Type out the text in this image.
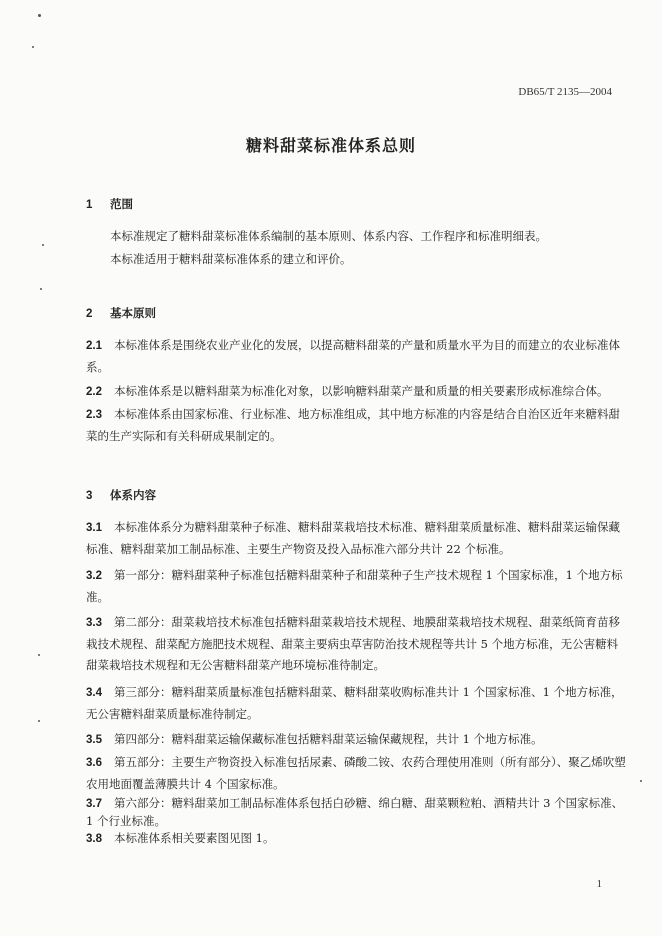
DB65/T 2135—2004
糖料甜菜标准体系总则
1 范围
本标准规定了糖料甜菜标准体系编制的基本原则、体系内容、工作程序和标准明细表。
本标准适用于糖料甜菜标准体系的建立和评价。
2 基本原则
2.1 本标准体系是围绕农业产业化的发展，以提高糖料甜菜的产量和质量水平为目的而建立的农业标准体系。
2.2 本标准体系是以糖料甜菜为标准化对象，以影响糖料甜菜产量和质量的相关要素形成标准综合体。
2.3 本标准体系由国家标准、行业标准、地方标准组成，其中地方标准的内容是结合自治区近年来糖料甜菜的生产实际和有关科研成果制定的。
3 体系内容
3.1 本标准体系分为糖料甜菜种子标准、糖料甜菜栽培技术标准、糖料甜菜质量标准、糖料甜菜运输保藏标准、糖料甜菜加工制品标准、主要生产物资及投入品标准六部分共计 22 个标准。
3.2 第一部分：糖料甜菜种子标准包括糖料甜菜种子和甜菜种子生产技术规程 1 个国家标准，1 个地方标准。
3.3 第二部分：甜菜栽培技术标准包括糖料甜菜栽培技术规程、地膜甜菜栽培技术规程、甜菜纸筒育苗移栽技术规程、甜菜配方施肥技术规程、甜菜主要病虫草害防治技术规程等共计 5 个地方标准，无公害糖料甜菜栽培技术规程和无公害糖料甜菜产地环境标准待制定。
3.4 第三部分：糖料甜菜质量标准包括糖料甜菜、糖料甜菜收购标准共计 1 个国家标准、1 个地方标准，无公害糖料甜菜质量标准待制定。
3.5 第四部分：糖料甜菜运输保藏标准包括糖料甜菜运输保藏规程，共计 1 个地方标准。
3.6 第五部分：主要生产物资投入标准包括尿素、磷酸二铵、农药合理使用准则（所有部分）、聚乙烯吹塑农用地面覆盖薄膜共计 4 个国家标准。
3.7 第六部分：糖料甜菜加工制品标准体系包括白砂糖、绵白糖、甜菜颗粒粕、酒精共计 3 个国家标准、1 个行业标准。
3.8 本标准体系相关要素图见图 1。
1
